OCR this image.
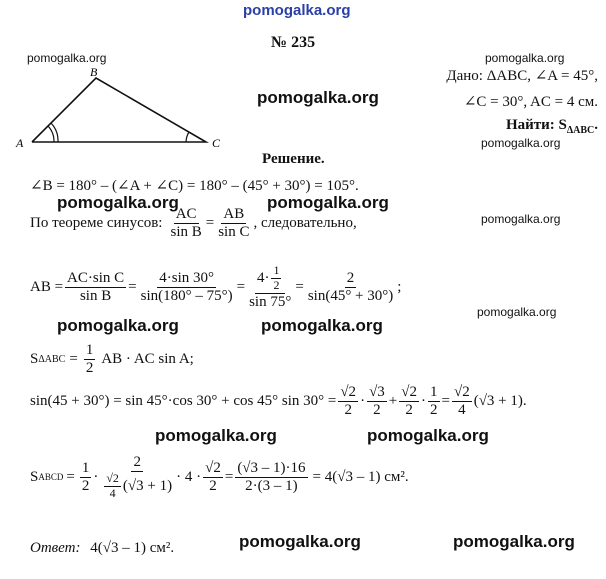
pomogalka.org
pomogalka.org	pomogalka.org
pomogalka.org
pomogalka.org
pomogalka.org	pomogalka.org
pomogalka.org
pomogalka.org
pomogalka.org	pomogalka.org
pomogalka.org	pomogalka.org
pomogalka.org	pomogalka.org
№ 235
Дано: ΔABC, ∠A = 45°,
∠C = 30°, AC = 4 см.
Найти: $S_{\Delta ABC}$.
A
B
C
Решение.
∠B = 180° – (∠A + ∠C) = 180° – (45° + 30°) = 105°.
По теореме синусов: $\frac{AC}{\text{sin B}} = \frac{AB}{\text{sin C}}$ , следовательно,
AB = $\frac{\text{AC·sin C}}{\text{sin B}} = \frac{4\cdot\sin 30^\circ}{\sin(180^\circ - 75^\circ)} = \frac{4\cdot \frac{1}{2}}{\sin 75^\circ} = \frac{2}{\sin(45^\circ + 30^\circ)}$ ;
S $\Delta ABC = \frac{1}{2}$ AB · AC sin A;
sin(45 + 30°) = sin 45°·cos 30° + cos 45° $\sin 30^\circ = \frac{√2}{2} \cdot \frac{√3}{2} + \frac{√2}{2} \cdot \frac{1}{2} = \frac{√2}{4} (√3 + 1)$.
S ABCD = $\frac{1}{2} \cdot \frac{2}{\frac{√2}{4} (√3 + 1)} \cdot 4 \cdot \frac{√2}{2} = \frac{(√3 - 1)\cdot 16}{2\cdot(3 - 1)} = 4(√3 - 1)$ см².
Ответ: 4(√3 – 1) см².
